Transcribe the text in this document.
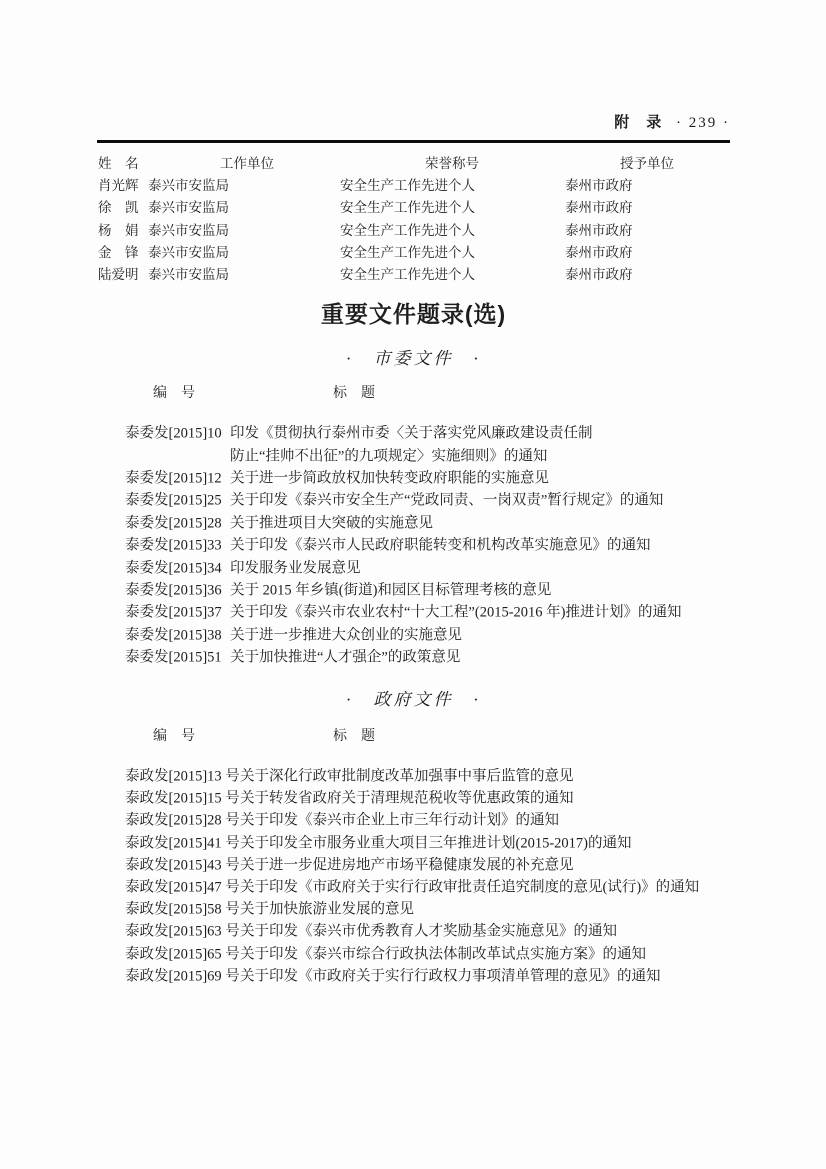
附　录 · 239 ·
姓　名	工作单位	荣誉称号	授予单位
肖光辉 泰兴市安监局	安全生产工作先进个人	泰州市政府
徐　凯 泰兴市安监局	安全生产工作先进个人	泰州市政府
杨　娟 泰兴市安监局	安全生产工作先进个人	泰州市政府
金　锋 泰兴市安监局	安全生产工作先进个人	泰州市政府
陆爱明 泰兴市安监局	安全生产工作先进个人	泰州市政府
重要文件题录(选)
·　市委文件　·
编　号	标　题
泰委发[2015]10 印发《贯彻执行泰州市委〈关于落实党风廉政建设责任制
防止“挂帅不出征”的九项规定〉实施细则》的通知
泰委发[2015]12 关于进一步简政放权加快转变政府职能的实施意见
泰委发[2015]25 关于印发《泰兴市安全生产“党政同责、一岗双责”暂行规定》的通知
泰委发[2015]28 关于推进项目大突破的实施意见
泰委发[2015]33 关于印发《泰兴市人民政府职能转变和机构改革实施意见》的通知
泰委发[2015]34 印发服务业发展意见
泰委发[2015]36 关于 2015 年乡镇(街道)和园区目标管理考核的意见
泰委发[2015]37 关于印发《泰兴市农业农村“十大工程”(2015-2016 年)推进计划》的通知
泰委发[2015]38 关于进一步推进大众创业的实施意见
泰委发[2015]51 关于加快推进“人才强企”的政策意见
·　政府文件　·
编　号	标　题
泰政发[2015]13 号 关于深化行政审批制度改革加强事中事后监管的意见
泰政发[2015]15 号 关于转发省政府关于清理规范税收等优惠政策的通知
泰政发[2015]28 号 关于印发《泰兴市企业上市三年行动计划》的通知
泰政发[2015]41 号 关于印发全市服务业重大项目三年推进计划(2015-2017)的通知
泰政发[2015]43 号 关于进一步促进房地产市场平稳健康发展的补充意见
泰政发[2015]47 号 关于印发《市政府关于实行行政审批责任追究制度的意见(试行)》的通知
泰政发[2015]58 号 关于加快旅游业发展的意见
泰政发[2015]63 号 关于印发《泰兴市优秀教育人才奖励基金实施意见》的通知
泰政发[2015]65 号 关于印发《泰兴市综合行政执法体制改革试点实施方案》的通知
泰政发[2015]69 号 关于印发《市政府关于实行行政权力事项清单管理的意见》的通知
